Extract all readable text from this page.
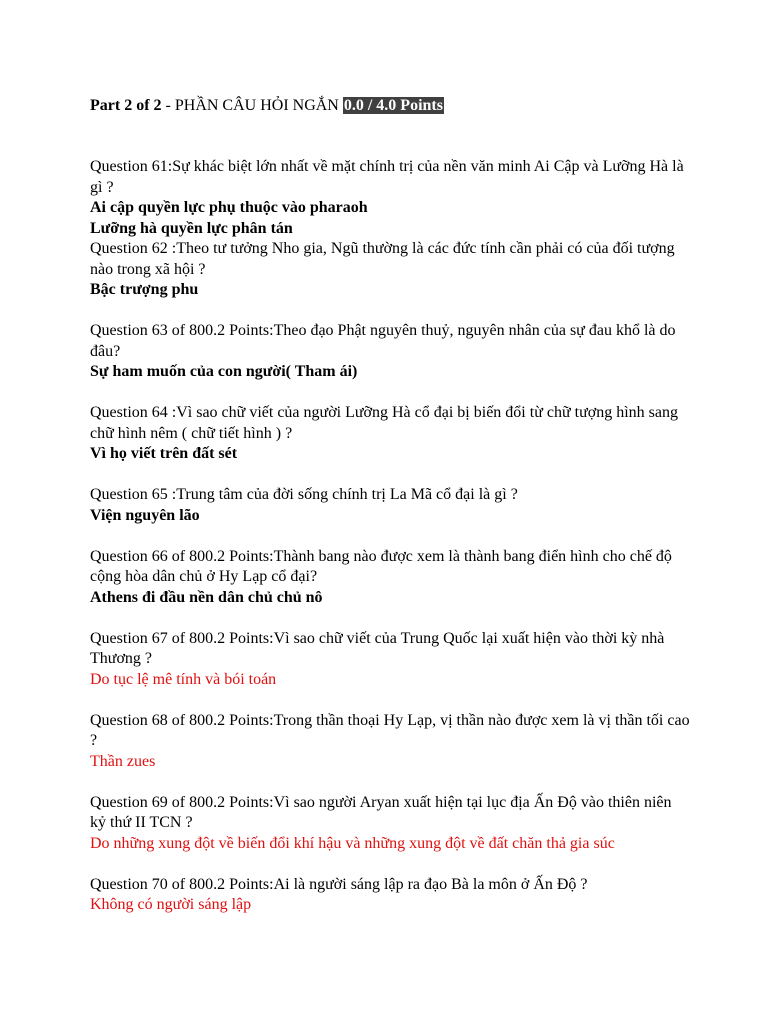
Part 2 of 2 - PHẦN CÂU HỎI NGẮN 0.0 / 4.0 Points
Question 61:Sự khác biệt lớn nhất về mặt chính trị của nền văn minh Ai Cập và Lưỡng Hà là gì ?
Ai cập quyền lực phụ thuộc vào pharaoh
Lưỡng hà quyền lực phân tán
Question 62 :Theo tư tưởng Nho gia, Ngũ thường là các đức tính cần phải có của đối tượng nào trong xã hội ?
Bậc trượng phu
Question 63 of 800.2 Points:Theo đạo Phật nguyên thuỷ, nguyên nhân của sự đau khổ là do đâu?
Sự ham muốn của con người( Tham ái)
Question 64 :Vì sao chữ viết của người Lưỡng Hà cổ đại bị biến đổi từ chữ tượng hình sang chữ hình nêm ( chữ tiết hình ) ?
Vì họ viết trên đất sét
Question 65 :Trung tâm của đời sống chính trị La Mã cổ đại là gì ?
Viện nguyên lão
Question 66 of 800.2 Points:Thành bang nào được xem là thành bang điển hình cho chế độ cộng hòa dân chủ ở Hy Lạp cổ đại?
Athens đi đầu nền dân chủ chủ nô
Question 67 of 800.2 Points:Vì sao chữ viết của Trung Quốc lại xuất hiện vào thời kỳ nhà Thương ?
Do tục lệ mê tính và bói toán
Question 68 of 800.2 Points:Trong thần thoại Hy Lạp, vị thần nào được xem là vị thần tối cao ?
Thần zues
Question 69 of 800.2 Points:Vì sao người Aryan xuất hiện tại lục địa Ấn Độ vào thiên niên kỷ thứ II TCN ?
Do những xung đột về biến đổi khí hậu và những xung đột về đất chăn thả gia súc
Question 70 of 800.2 Points:Ai là người sáng lập ra đạo Bà la môn ở Ấn Độ ?
Không có người sáng lập
